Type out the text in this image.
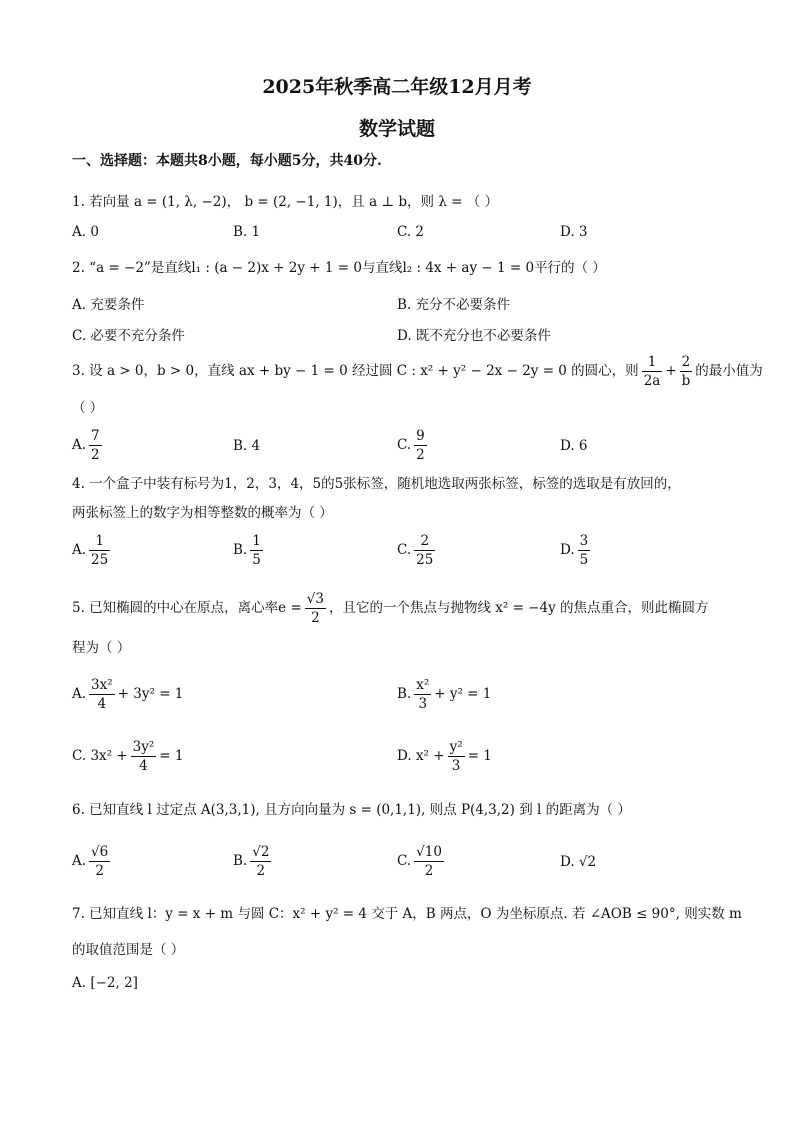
2025年秋季高二年级12月月考
数学试题
一、选择题：本题共8小题，每小题5分，共40分.
1. 若向量 a = (1, λ, −2)， b = (2, −1, 1)，且 a ⊥ b，则 λ = （ ）
A. 0	B. 1	C. 2	D. 3
2. “a = −2”是直线l₁ : (a − 2)x + 2y + 1 = 0与直线l₂ : 4x + ay − 1 = 0平行的（ ）
A. 充要条件	B. 充分不必要条件
C. 必要不充分条件	D. 既不充分也不必要条件
3. 设 a > 0，b > 0，直线 ax + by − 1 = 0 经过圆 C : x² + y² − 2x − 2y = 0 的圆心，则 $\frac{1}{2a} + \frac{2}{b}$ 的最小值为
（ ）
A. $\frac{7}{2}$	B. 4	C. $\frac{9}{2}$	D. 6
4. 一个盒子中装有标号为1，2，3，4，5的5张标签，随机地选取两张标签，标签的选取是有放回的，
两张标签上的数字为相等整数的概率为（ ）
A. $\frac{1}{25}$	B. $\frac{1}{5}$	C. $\frac{2}{25}$	D. $\frac{3}{5}$
5. 已知椭圆的中心在原点，离心率$e = \frac{√3}{2}$ ，且它的一个焦点与抛物线 x² = −4y 的焦点重合，则此椭圆方
程为（ ）
A. $\frac{\text{3x²}}{4} + 3y^2 = 1$	B. $\frac{\text{x²}}{3} + y^2 = 1$
C. $3x^2 + \frac{\text{3y²}}{4} = 1$	D. $x^2 + \frac{\text{y²}}{3} = 1$
6. 已知直线 l 过定点 A(3,3,1), 且方向向量为 s = (0,1,1), 则点 P(4,3,2) 到 l 的距离为（ ）
A. $\frac{√6}{2}$	B. $\frac{√2}{2}$	C. $\frac{√10}{2}$	D. √2
7. 已知直线 l：y = x + m 与圆 C：x² + y² = 4 交于 A，B 两点，O 为坐标原点. 若 ∠AOB ≤ 90°, 则实数 m
的取值范围是（ ）
A. [−2, 2]
